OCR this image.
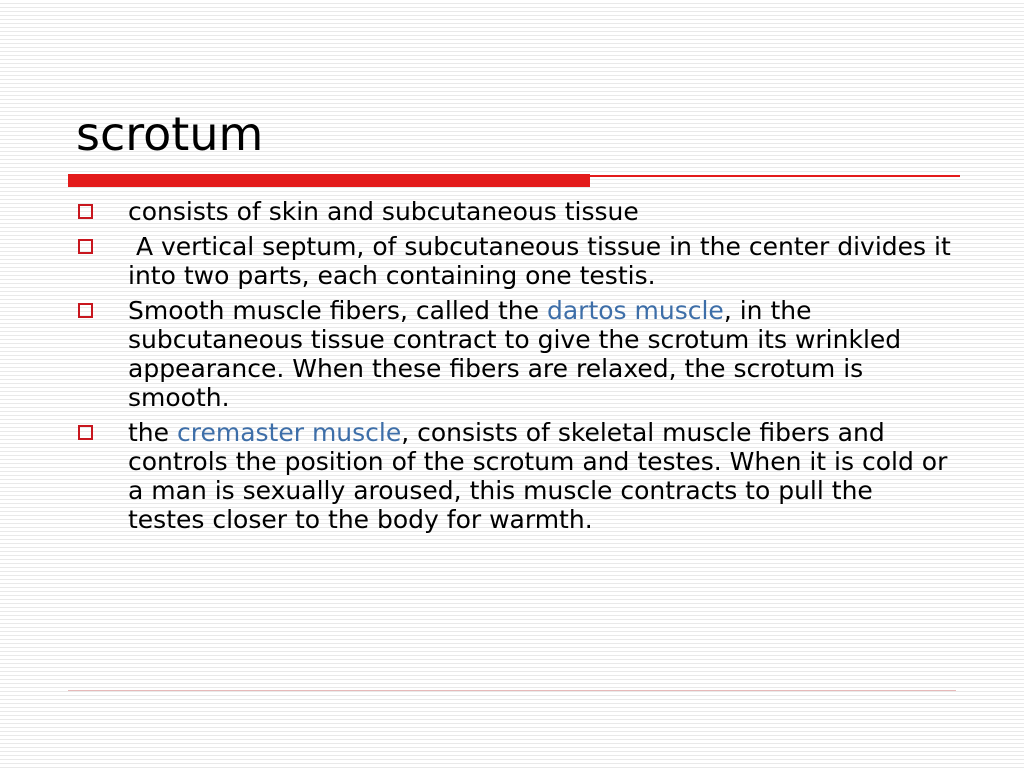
scrotum
consists of skin and subcutaneous tissue
A vertical septum, of subcutaneous tissue in the center divides it into two parts, each containing one testis.
Smooth muscle fibers, called the dartos muscle, in the subcutaneous tissue contract to give the scrotum its wrinkled appearance. When these fibers are relaxed, the scrotum is smooth.
the cremaster muscle, consists of skeletal muscle fibers and controls the position of the scrotum and testes. When it is cold or a man is sexually aroused, this muscle contracts to pull the testes closer to the body for warmth.
